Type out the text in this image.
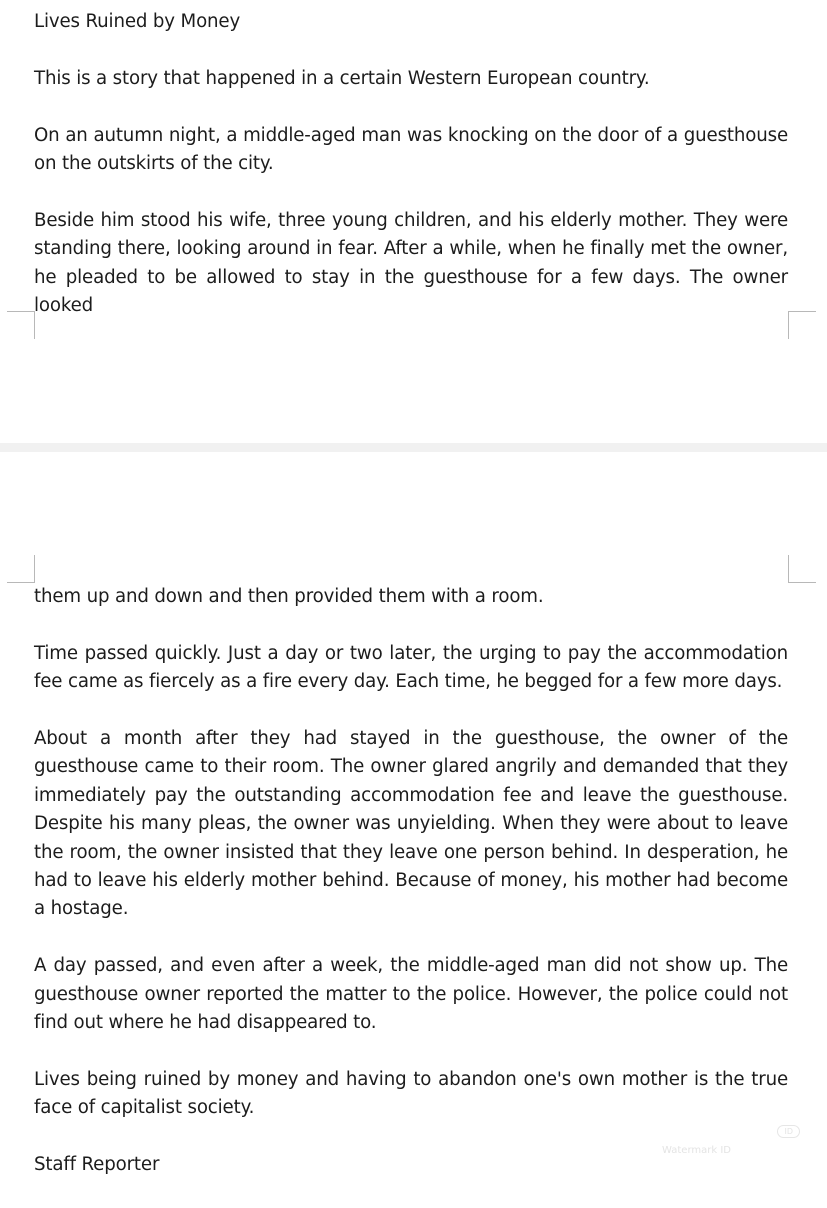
Lives Ruined by Money

This is a story that happened in a certain Western European country.

On an autumn night, a middle-aged man was knocking on the door of a guesthouse on the outskirts of the city.

Beside him stood his wife, three young children, and his elderly mother. They were standing there, looking around in fear. After a while, when he finally met the owner, he pleaded to be allowed to stay in the guesthouse for a few days. The owner looked

them up and down and then provided them with a room.

Time passed quickly. Just a day or two later, the urging to pay the accommodation fee came as fiercely as a fire every day. Each time, he begged for a few more days.

About a month after they had stayed in the guesthouse, the owner of the guesthouse came to their room. The owner glared angrily and demanded that they immediately pay the outstanding accommodation fee and leave the guesthouse. Despite his many pleas, the owner was unyielding. When they were about to leave the room, the owner insisted that they leave one person behind. In desperation, he had to leave his elderly mother behind. Because of money, his mother had become a hostage.

A day passed, and even after a week, the middle-aged man did not show up. The guesthouse owner reported the matter to the police. However, the police could not find out where he had disappeared to.

Lives being ruined by money and having to abandon one's own mother is the true face of capitalist society.

Staff Reporter

ID
Watermark ID
